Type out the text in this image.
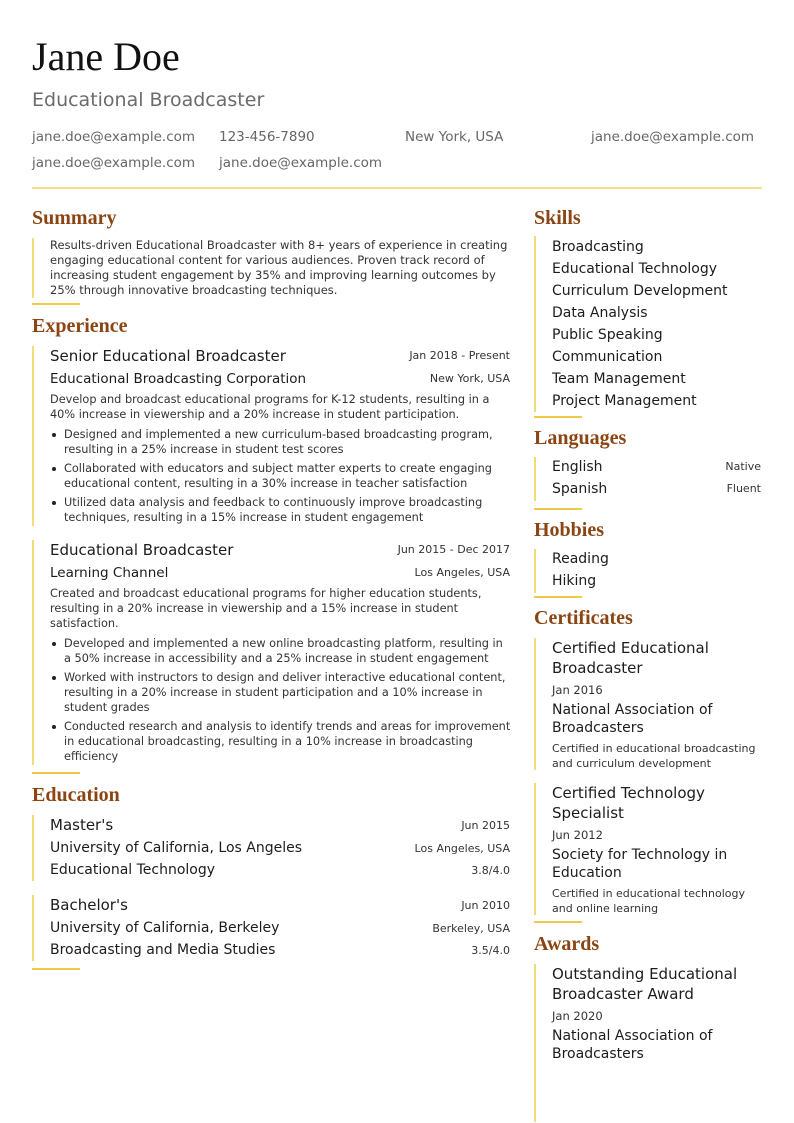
Jane Doe
Educational Broadcaster
jane.doe@example.com 123-456-7890	New York, USA	jane.doe@example.com
jane.doe@example.com jane.doe@example.com
Summary
Results-driven Educational Broadcaster with 8+ years of experience in creating engaging educational content for various audiences. Proven track record of increasing student engagement by 35% and improving learning outcomes by 25% through innovative broadcasting techniques.
Experience
Senior Educational Broadcaster	Jan 2018 - Present
Educational Broadcasting Corporation	New York, USA
Develop and broadcast educational programs for K-12 students, resulting in a 40% increase in viewership and a 20% increase in student participation.
Designed and implemented a new curriculum-based broadcasting program, resulting in a 25% increase in student test scores
Collaborated with educators and subject matter experts to create engaging educational content, resulting in a 30% increase in teacher satisfaction
Utilized data analysis and feedback to continuously improve broadcasting techniques, resulting in a 15% increase in student engagement
Educational Broadcaster	Jun 2015 - Dec 2017
Learning Channel	Los Angeles, USA
Created and broadcast educational programs for higher education students, resulting in a 20% increase in viewership and a 15% increase in student satisfaction.
Developed and implemented a new online broadcasting platform, resulting in a 50% increase in accessibility and a 25% increase in student engagement
Worked with instructors to design and deliver interactive educational content, resulting in a 20% increase in student participation and a 10% increase in student grades
Conducted research and analysis to identify trends and areas for improvement in educational broadcasting, resulting in a 10% increase in broadcasting efficiency
Education
Master's	Jun 2015
University of California, Los Angeles	Los Angeles, USA
Educational Technology	3.8/4.0
Bachelor's	Jun 2010
University of California, Berkeley	Berkeley, USA
Broadcasting and Media Studies	3.5/4.0
Skills
Broadcasting
Educational Technology
Curriculum Development
Data Analysis
Public Speaking
Communication
Team Management
Project Management
Languages
English	Native
Spanish	Fluent
Hobbies
Reading
Hiking
Certificates
Certified Educational Broadcaster
Jan 2016
National Association of Broadcasters
Certified in educational broadcasting and curriculum development
Certified Technology Specialist
Jun 2012
Society for Technology in Education
Certified in educational technology and online learning
Awards
Outstanding Educational Broadcaster Award
Jan 2020
National Association of Broadcasters
